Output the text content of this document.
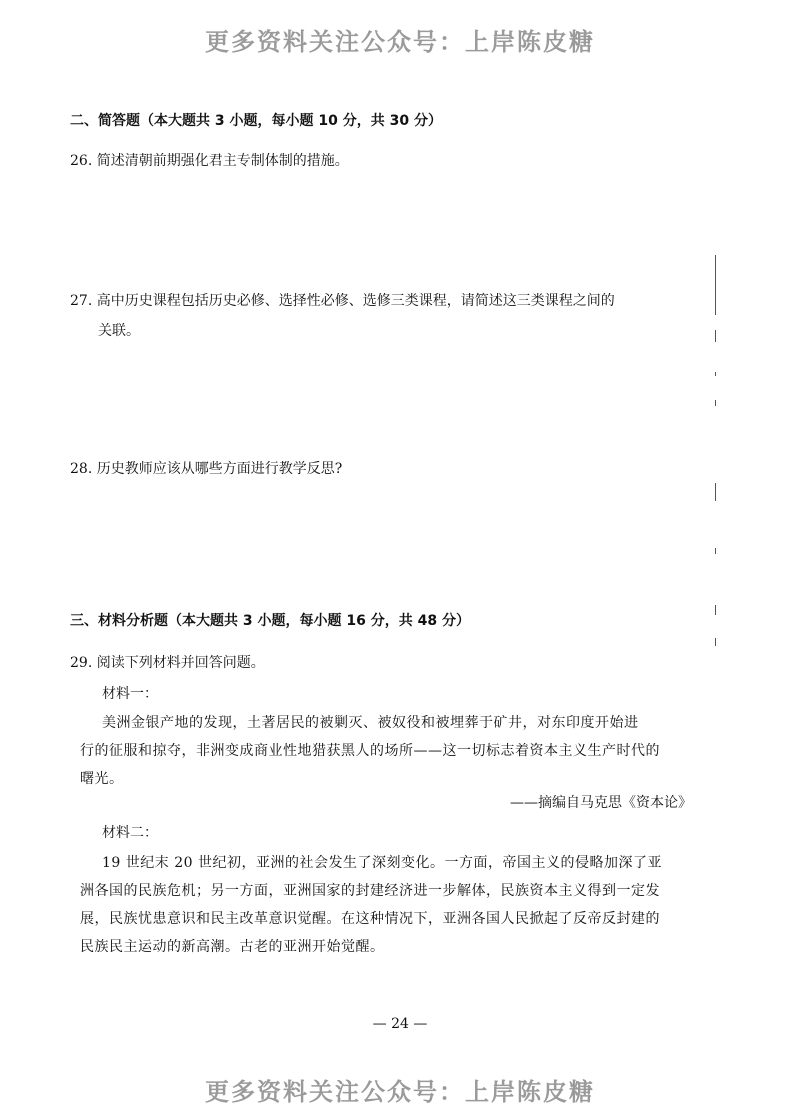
更多资料关注公众号：上岸陈皮糖
二、简答题（本大题共 3 小题，每小题 10 分，共 30 分）
26. 简述清朝前期强化君主专制体制的措施。
27. 高中历史课程包括历史必修、选择性必修、选修三类课程，请简述这三类课程之间的
关联。
28. 历史教师应该从哪些方面进行教学反思?
三、材料分析题（本大题共 3 小题，每小题 16 分，共 48 分）
29. 阅读下列材料并回答问题。
材料一：
美洲金银产地的发现，土著居民的被剿灭、被奴役和被埋葬于矿井，对东印度开始进
行的征服和掠夺，非洲变成商业性地猎获黑人的场所——这一切标志着资本主义生产时代的
曙光。
——摘编自马克思《资本论》
材料二：
19 世纪末 20 世纪初，亚洲的社会发生了深刻变化。一方面，帝国主义的侵略加深了亚
洲各国的民族危机；另一方面，亚洲国家的封建经济进一步解体，民族资本主义得到一定发
展，民族忧患意识和民主改革意识觉醒。在这种情况下，亚洲各国人民掀起了反帝反封建的
民族民主运动的新高潮。古老的亚洲开始觉醒。
— 24 —
更多资料关注公众号：上岸陈皮糖
